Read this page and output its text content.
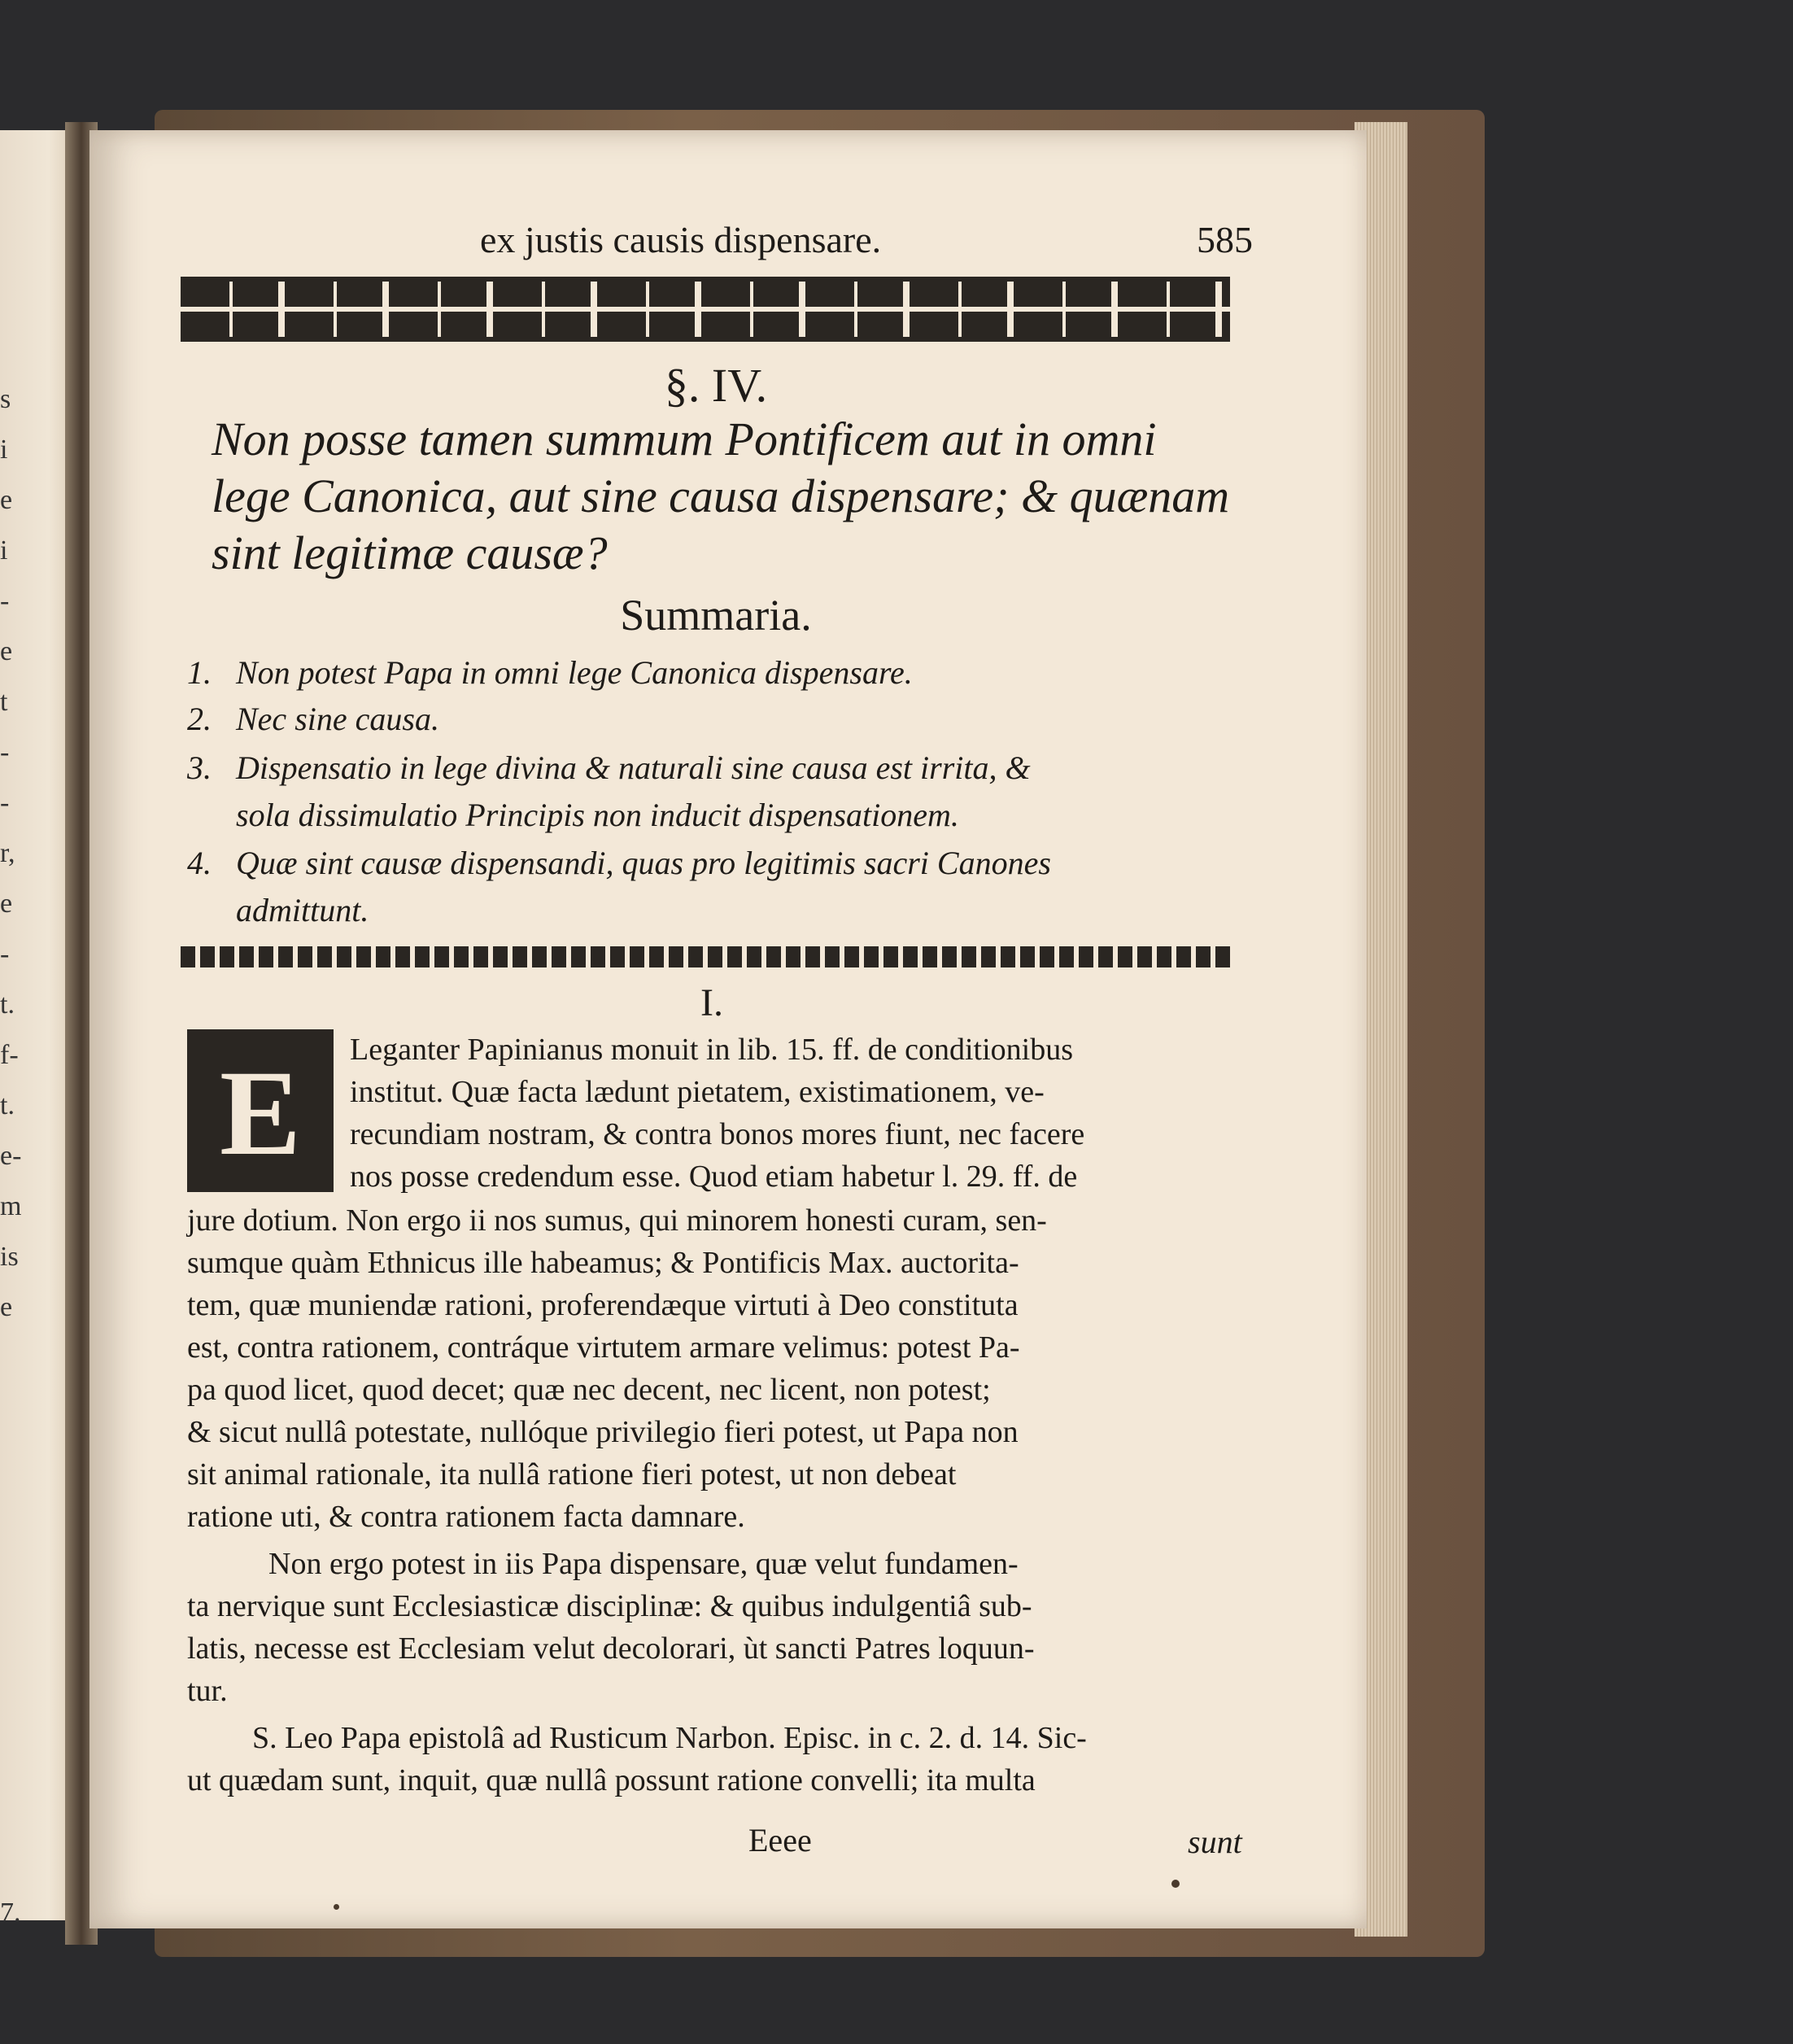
s
i
e
i
-
e
t
-
-
r,
e
-
t.
f-
t.
e-
m
is
e

7.
ex justis causis dispensare.	585
§. IV.
Non posse tamen summum Pontificem aut in omni lege Canonica, aut sine causa dispensare; & quænam sint legitimæ causæ?
Summaria.
1. Non potest Papa in omni lege Canonica dispensare.
2. Nec sine causa.
3. Dispensatio in lege divina & naturali sine causa est irrita, &
sola dissimulatio Principis non inducit dispensationem.
4. Quæ sint causæ dispensandi, quas pro legitimis sacri Canones
admittunt.
I.
E	Leganter Papinianus monuit in lib. 15. ff. de conditionibus
institut. Quæ facta lædunt pietatem, existimationem, ve-
recundiam nostram, & contra bonos mores fiunt, nec facere
nos posse credendum esse. Quod etiam habetur l. 29. ff. de
jure dotium. Non ergo ii nos sumus, qui minorem honesti curam, sen-
sumque quàm Ethnicus ille habeamus; & Pontificis Max. auctorita-
tem, quæ muniendæ rationi, proferendæque virtuti à Deo constituta
est, contra rationem, contráque virtutem armare velimus: potest Pa-
pa quod licet, quod decet; quæ nec decent, nec licent, non potest;
& sicut nullâ potestate, nullóque privilegio fieri potest, ut Papa non
sit animal rationale, ita nullâ ratione fieri potest, ut non debeat
ratione uti, & contra rationem facta damnare.
Non ergo potest in iis Papa dispensare, quæ velut fundamen-
ta nervique sunt Ecclesiasticæ disciplinæ: & quibus indulgentiâ sub-
latis, necesse est Ecclesiam velut decolorari, ùt sancti Patres loquun-
tur.
S. Leo Papa epistolâ ad Rusticum Narbon. Episc. in c. 2. d. 14. Sic-
ut quædam sunt, inquit, quæ nullâ possunt ratione convelli; ita multa
Eeee	sunt
